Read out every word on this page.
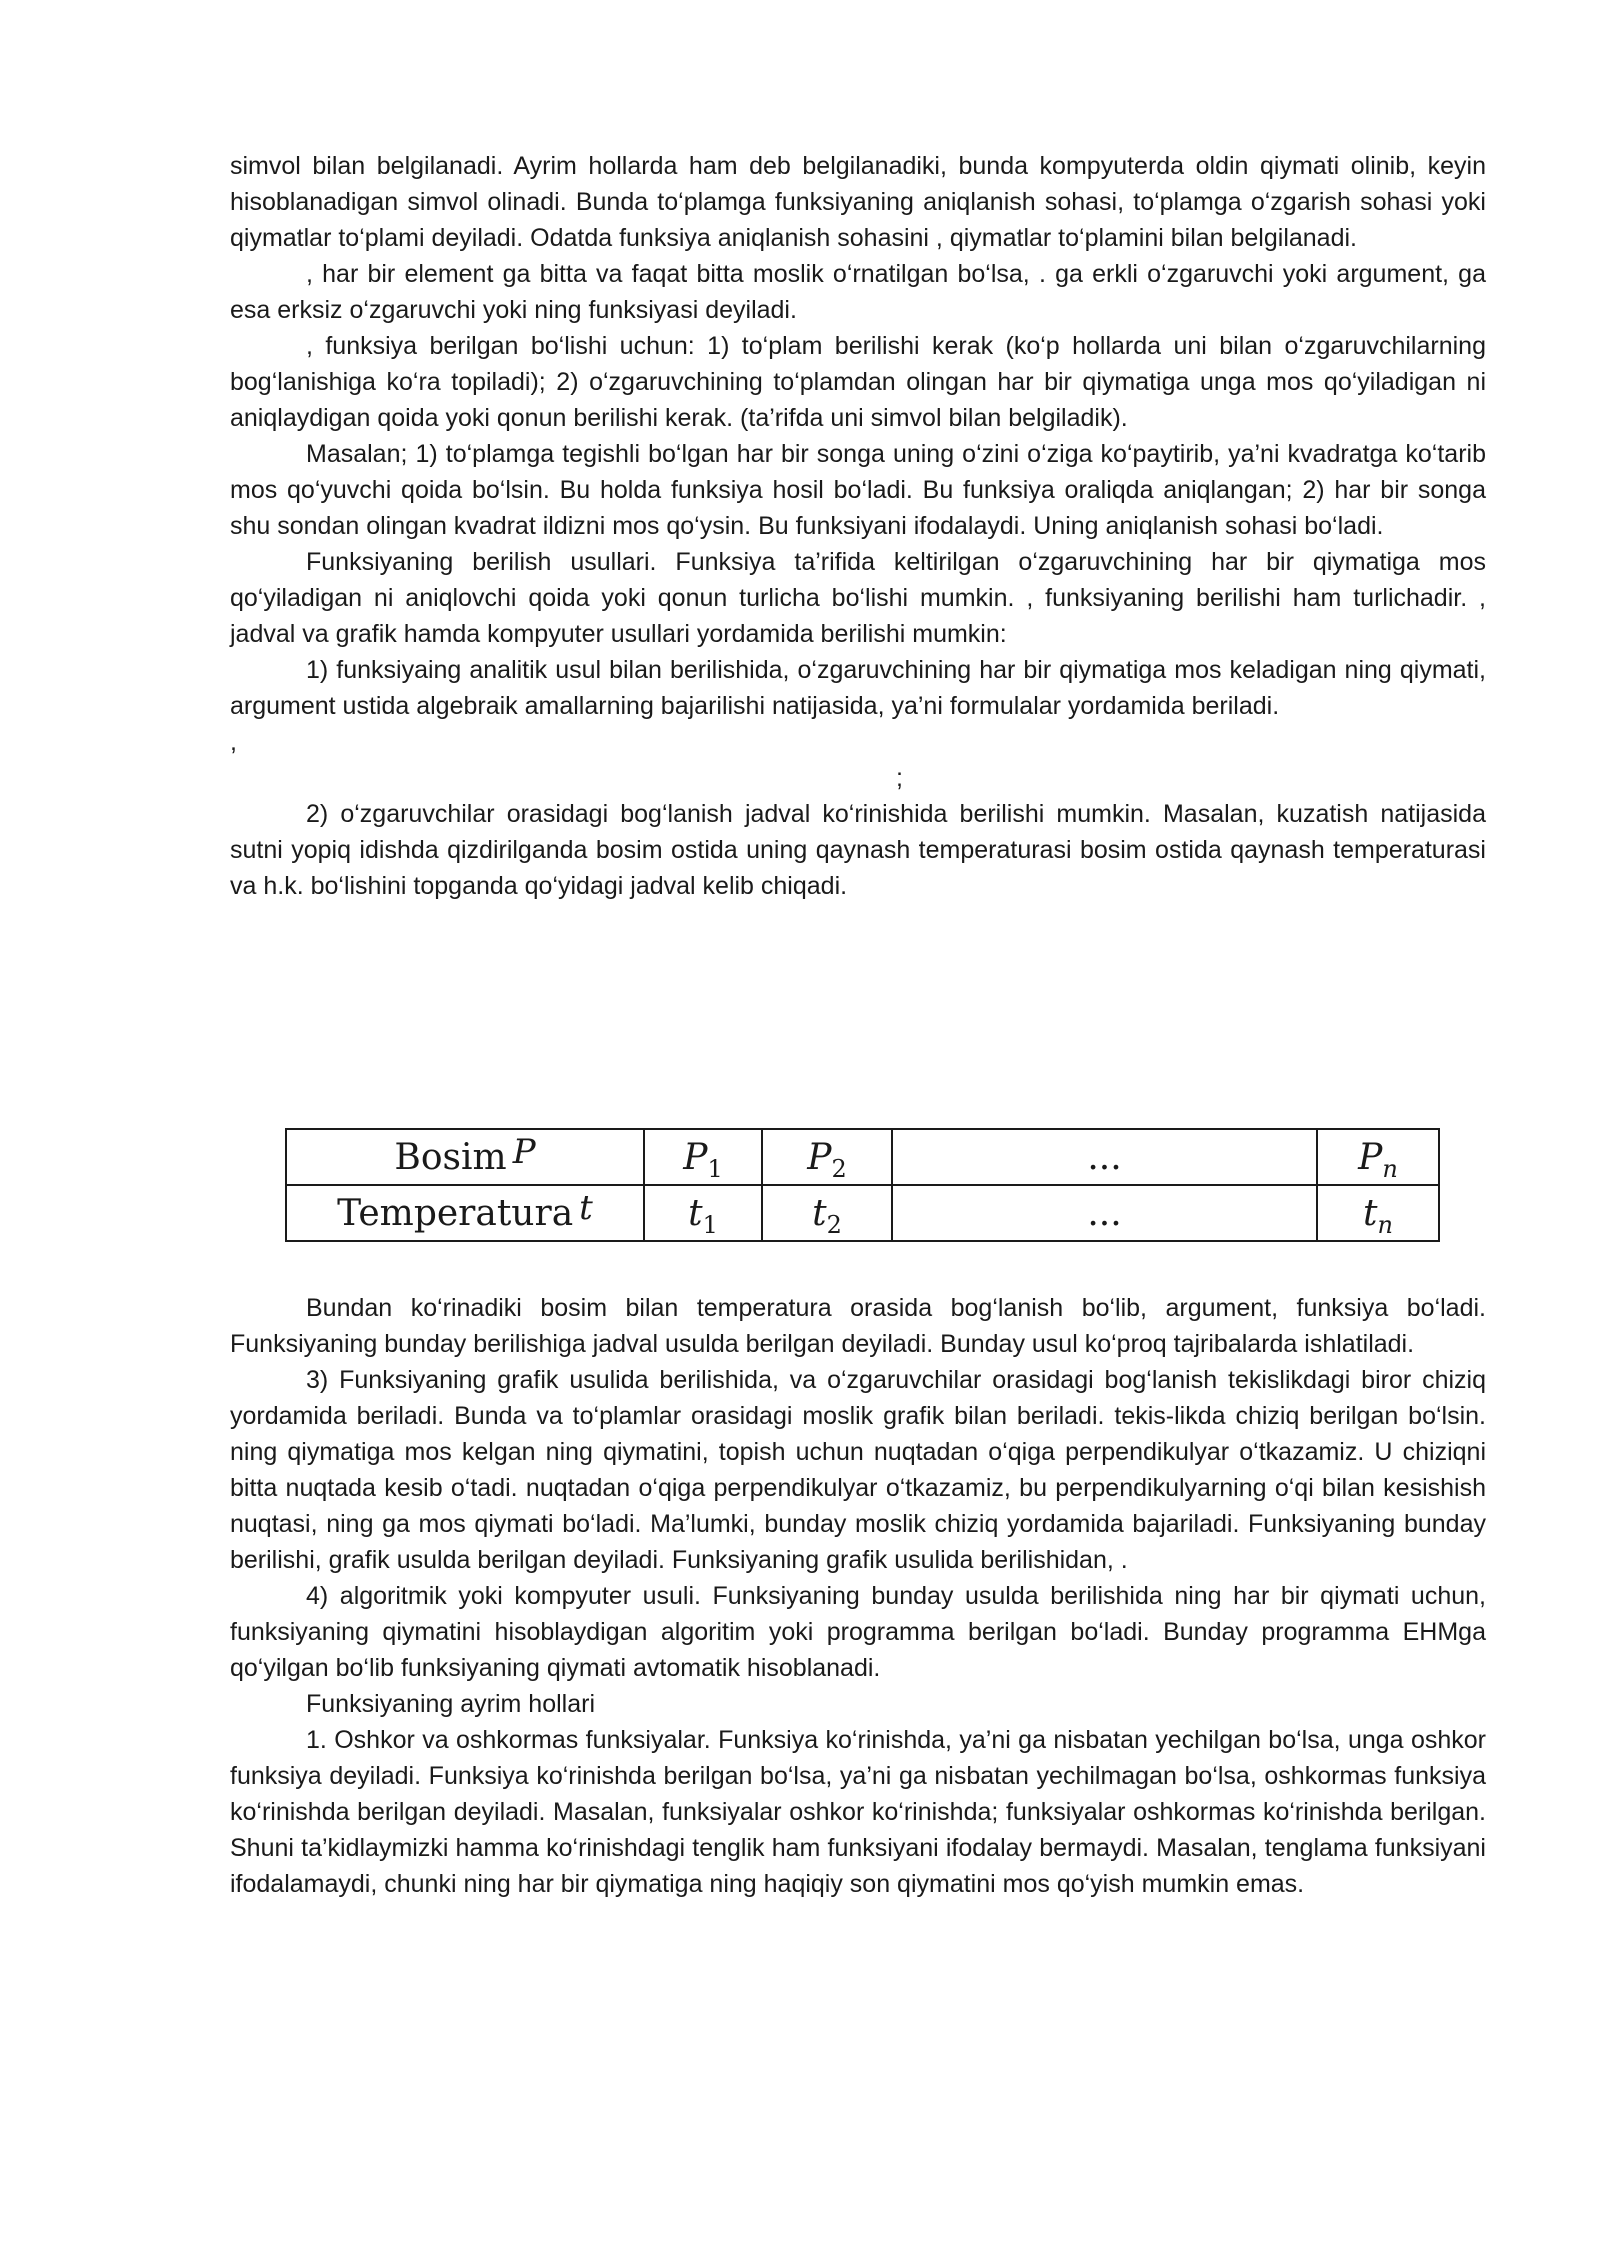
simvol bilan belgilanadi. Ayrim hollarda ham deb belgilanadiki, bunda kompyuterda oldin qiymati olinib, keyin hisoblanadigan simvol olinadi. Bunda to‘plamga funksiyaning aniqlanish sohasi, to‘plamga o‘zgarish sohasi yoki qiymatlar to‘plami deyiladi. Odatda funksiya aniqlanish sohasini , qiymatlar to‘plamini bilan belgilanadi.

, har bir element ga bitta va faqat bitta moslik o‘rnatilgan bo‘lsa, . ga erkli o‘zgaruvchi yoki argument, ga esa erksiz o‘zgaruvchi yoki ning funksiyasi deyiladi.

, funksiya berilgan bo‘lishi uchun: 1) to‘plam berilishi kerak (ko‘p hollarda uni bilan o‘zgaruvchilarning bog‘lanishiga ko‘ra topiladi); 2) o‘zgaruvchining to‘plamdan olingan har bir qiymatiga unga mos qo‘yiladigan ni aniqlaydigan qoida yoki qonun berilishi kerak. (ta’rifda uni simvol bilan belgiladik).

Masalan; 1) to‘plamga tegishli bo‘lgan har bir songa uning o‘zini o‘ziga ko‘paytirib, ya’ni kvadratga ko‘tarib mos qo‘yuvchi qoida bo‘lsin. Bu holda funksiya hosil bo‘ladi. Bu funksiya oraliqda aniqlangan; 2) har bir songa shu sondan olingan kvadrat ildizni mos qo‘ysin. Bu funksiyani ifodalaydi. Uning aniqlanish sohasi bo‘ladi.

Funksiyaning berilish usullari. Funksiya ta’rifida keltirilgan o‘zgaruvchining har bir qiymatiga mos qo‘yiladigan ni aniqlovchi qoida yoki qonun turlicha bo‘lishi mumkin. , funksiyaning berilishi ham turlichadir. , jadval va grafik hamda kompyuter usullari yordamida berilishi mumkin:

1) funksiyaing analitik usul bilan berilishida, o‘zgaruvchining har bir qiymatiga mos keladigan ning qiymati, argument ustida algebraik amallarning bajarilishi natijasida, ya’ni formulalar yordamida beriladi.

,

;

2) o‘zgaruvchilar orasidagi bog‘lanish jadval ko‘rinishida berilishi mumkin. Masalan, kuzatish natijasida sutni yopiq idishda qizdirilganda bosim ostida uning qaynash temperaturasi bosim ostida qaynash temperaturasi va h.k. bo‘lishini topganda qo‘yidagi jadval kelib chiqadi.

Bosim P	$P_1$	$P_2$	...	$P_n$
Temperatura t	$t_1$	$t_2$	...	$t_n$

Bundan ko‘rinadiki bosim bilan temperatura orasida bog‘lanish bo‘lib, argument, funksiya bo‘ladi. Funksiyaning bunday berilishiga jadval usulda berilgan deyiladi. Bunday usul ko‘proq tajribalarda ishlatiladi.

3) Funksiyaning grafik usulida berilishida, va o‘zgaruvchilar orasidagi bog‘lanish tekislikdagi biror chiziq yordamida beriladi. Bunda va to‘plamlar orasidagi moslik grafik bilan beriladi. tekis-likda chiziq berilgan bo‘lsin. ning qiymatiga mos kelgan ning qiymatini, topish uchun nuqtadan o‘qiga perpendikulyar o‘tkazamiz. U chiziqni bitta nuqtada kesib o‘tadi. nuqtadan o‘qiga perpendikulyar o‘tkazamiz, bu perpendikulyarning o‘qi bilan kesishish nuqtasi, ning ga mos qiymati bo‘ladi. Ma’lumki, bunday moslik chiziq yordamida bajariladi. Funksiyaning bunday berilishi, grafik usulda berilgan deyiladi. Funksiyaning grafik usulida berilishidan, .

4) algoritmik yoki kompyuter usuli. Funksiyaning bunday usulda berilishida ning har bir qiymati uchun, funksiyaning qiymatini hisoblaydigan algoritim yoki programma berilgan bo‘ladi. Bunday programma EHMga qo‘yilgan bo‘lib funksiyaning qiymati avtomatik hisoblanadi.

Funksiyaning ayrim hollari

1. Oshkor va oshkormas funksiyalar. Funksiya ko‘rinishda, ya’ni ga nisbatan yechilgan bo‘lsa, unga oshkor funksiya deyiladi. Funksiya ko‘rinishda berilgan bo‘lsa, ya’ni ga nisbatan yechilmagan bo‘lsa, oshkormas funksiya ko‘rinishda berilgan deyiladi. Masalan, funksiyalar oshkor ko‘rinishda; funksiyalar oshkormas ko‘rinishda berilgan. Shuni ta’kidlaymizki hamma ko‘rinishdagi tenglik ham funksiyani ifodalay bermaydi. Masalan, tenglama funksiyani ifodalamaydi, chunki ning har bir qiymatiga ning haqiqiy son qiymatini mos qo‘yish mumkin emas.
